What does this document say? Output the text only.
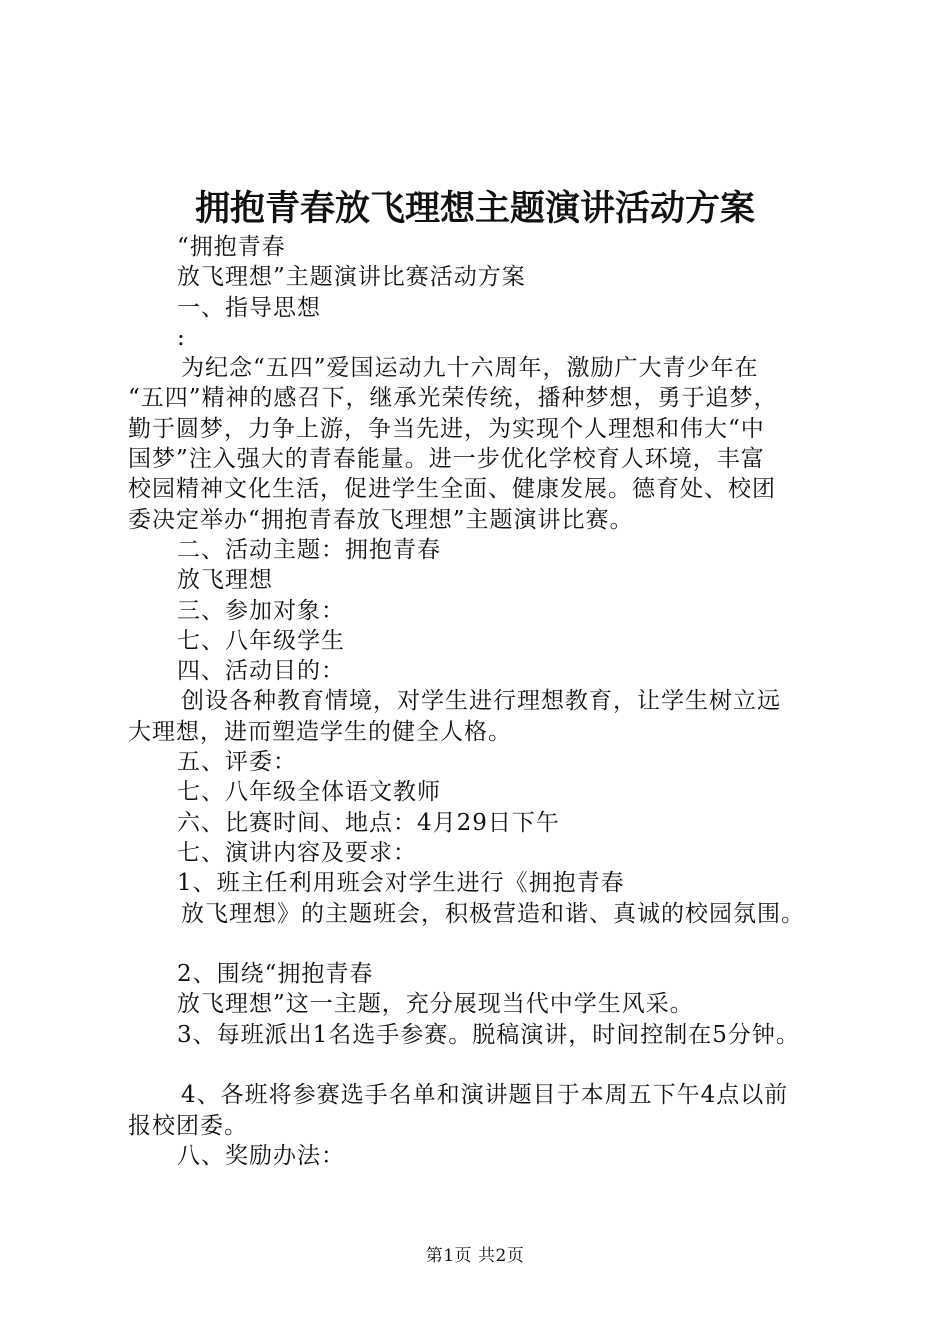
拥抱青春放飞理想主题演讲活动方案
“拥抱青春
放飞理想”主题演讲比赛活动方案
一、指导思想
:
为纪念“五四”爱国运动九十六周年，激励广大青少年在
“五四”精神的感召下，继承光荣传统，播种梦想，勇于追梦，
勤于圆梦，力争上游，争当先进，为实现个人理想和伟大“中
国梦”注入强大的青春能量。进一步优化学校育人环境，丰富
校园精神文化生活，促进学生全面、健康发展。德育处、校团
委决定举办“拥抱青春放飞理想”主题演讲比赛。
二、活动主题：拥抱青春
放飞理想
三、参加对象：
七、八年级学生
四、活动目的：
创设各种教育情境，对学生进行理想教育，让学生树立远
大理想，进而塑造学生的健全人格。
五、评委：
七、八年级全体语文教师
六、比赛时间、地点：4月29日下午
七、演讲内容及要求：
1、班主任利用班会对学生进行《拥抱青春
放飞理想》的主题班会，积极营造和谐、真诚的校园氛围。
2、围绕“拥抱青春
放飞理想”这一主题，充分展现当代中学生风采。
3、每班派出1名选手参赛。脱稿演讲，时间控制在5分钟。
4、各班将参赛选手名单和演讲题目于本周五下午4点以前
报校团委。
八、奖励办法：
第1页 共2页
